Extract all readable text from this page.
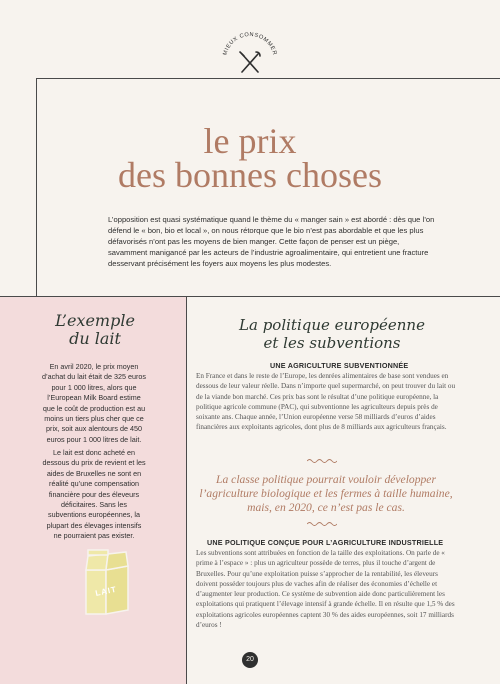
MIEUX CONSOMMER
le prix
des bonnes choses
L’opposition est quasi systématique quand le thème du « manger sain » est abordé : dès que l’on défend le « bon, bio et local », on nous rétorque que le bio n’est pas abordable et que les plus défavorisés n’ont pas les moyens de bien manger. Cette façon de penser est un piège, savamment manigancé par les acteurs de l’industrie agroalimentaire, qui entretient une fracture desservant précisément les foyers aux moyens les plus modestes.
L’exemple
du lait
En avril 2020, le prix moyen d’achat du lait était de 325 euros pour 1 000 litres, alors que l’European Milk Board estime que le coût de production est au moins un tiers plus cher que ce prix, soit aux alentours de 450 euros pour 1 000 litres de lait.
Le lait est donc acheté en dessous du prix de revient et les aides de Bruxelles ne sont en réalité qu’une compensation financière pour des éleveurs déficitaires. Sans les subventions européennes, la plupart des élevages intensifs ne pourraient pas exister.
LAIT
La politique européenne
et les subventions
UNE AGRICULTURE SUBVENTIONNÉE
En France et dans le reste de l’Europe, les denrées alimentaires de base sont vendues en dessous de leur valeur réelle. Dans n’importe quel supermarché, on peut trouver du lait ou de la viande bon marché. Ces prix bas sont le résultat d’une politique européenne, la politique agricole commune (PAC), qui subventionne les agriculteurs depuis près de soixante ans. Chaque année, l’Union européenne verse 58 milliards d’euros d’aides financières aux exploitants agricoles, dont plus de 8 milliards aux agriculteurs français.
La classe politique pourrait vouloir développer l’agriculture biologique et les fermes à taille humaine, mais, en 2020, ce n’est pas le cas.
UNE POLITIQUE CONÇUE POUR L’AGRICULTURE INDUSTRIELLE
Les subventions sont attribuées en fonction de la taille des exploitations. On parle de « prime à l’espace » : plus un agriculteur possède de terres, plus il touche d’argent de Bruxelles. Pour qu’une exploitation puisse s’approcher de la rentabilité, les éleveurs doivent posséder toujours plus de vaches afin de réaliser des économies d’échelle et d’augmenter leur production. Ce système de subvention aide donc particulièrement les exploitations qui pratiquent l’élevage intensif à grande échelle. Il en résulte que 1,5 % des exploitations agricoles européennes captent 30 % des aides européennes, soit 17 milliards d’euros !
20
